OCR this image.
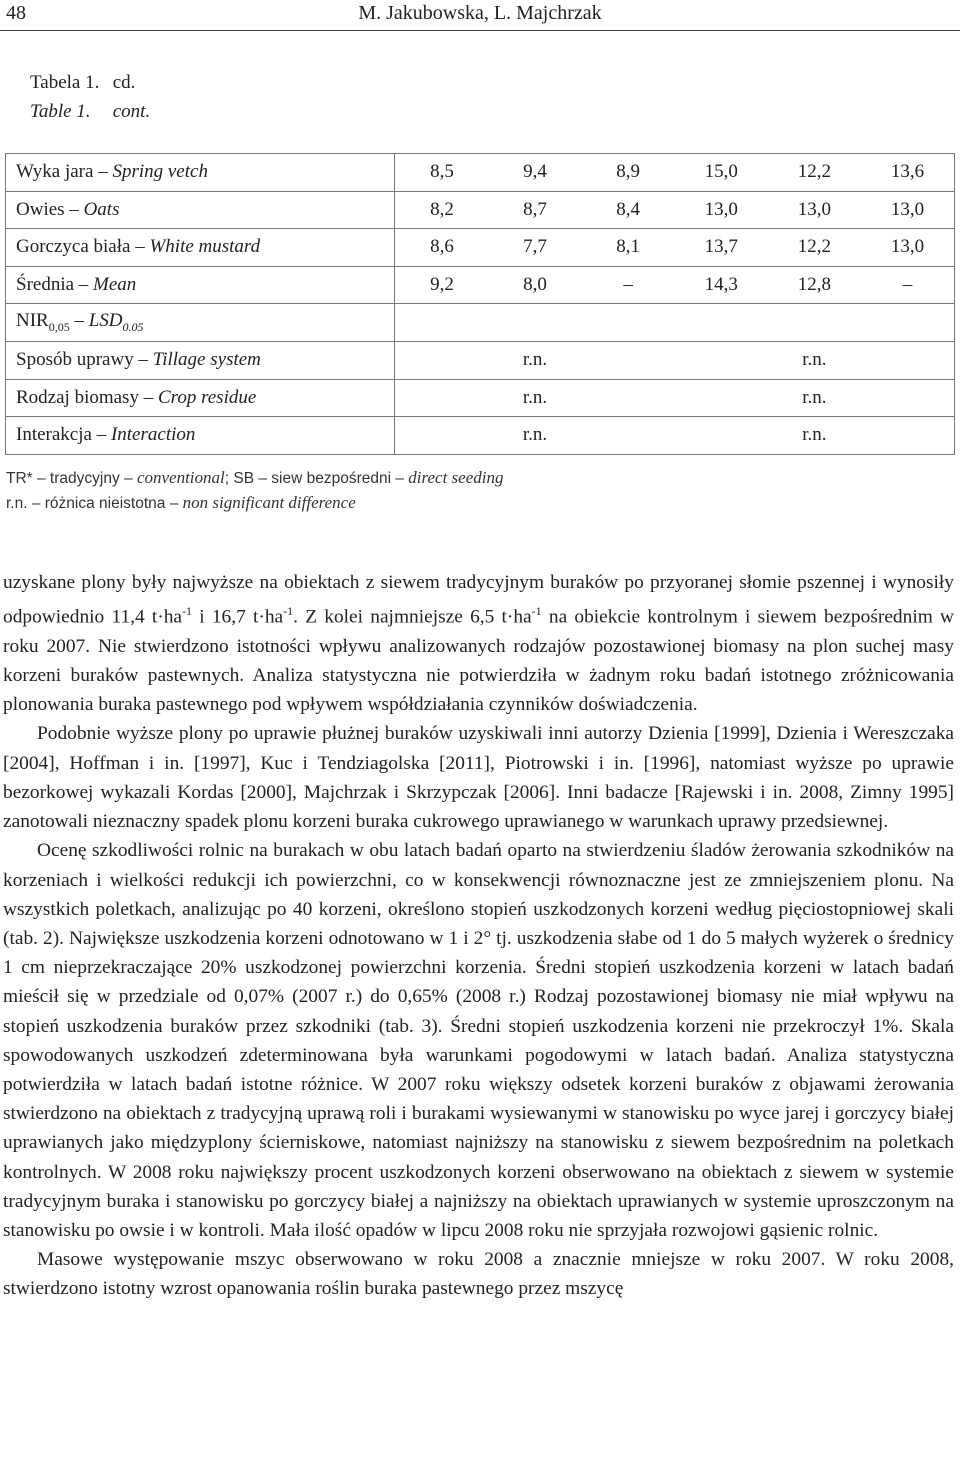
48	M. Jakubowska, L. Majchrzak
Tabela 1. cd.
Table 1. cont.
Wyka jara – Spring vetch	8,5	9,4	8,9	15,0	12,2	13,6
Owies – Oats	8,2	8,7	8,4	13,0	13,0	13,0
Gorczyca biała – White mustard	8,6	7,7	8,1	13,7	12,2	13,0
Średnia – Mean	9,2	8,0	–	14,3	12,8	–
$NIR_{0,05} - LSD_{0.05}$	
Sposób uprawy – Tillage system	r.n.			r.n.		
Rodzaj biomasy – Crop residue	r.n.			r.n.		
Interakcja – Interaction	r.n.			r.n.		
TR* – tradycyjny – conventional; SB – siew bezpośredni – direct seeding
r.n. – różnica nieistotna – non significant difference

uzyskane plony były najwyższe na obiektach z siewem tradycyjnym buraków po przyoranej słomie pszennej i wynosiły odpowiednio 11,4 $t\cdot ha^{-1}$ i 16,7 $t\cdot ha^{-1}$. Z kolei najmniejsze 6,5 $t\cdot ha^{-1}$ na obiekcie kontrolnym i siewem bezpośrednim w roku 2007. Nie stwierdzono istotności wpływu analizowanych rodzajów pozostawionej biomasy na plon suchej masy korzeni buraków pastewnych. Analiza statystyczna nie potwierdziła w żadnym roku badań istotnego zróżnicowania plonowania buraka pastewnego pod wpływem współdziałania czynników doświadczenia.

Podobnie wyższe plony po uprawie płużnej buraków uzyskiwali inni autorzy Dzienia [1999], Dzienia i Wereszczaka [2004], Hoffman i in. [1997], Kuc i Tendziagolska [2011], Piotrowski i in. [1996], natomiast wyższe po uprawie bezorkowej wykazali Kordas [2000], Majchrzak i Skrzypczak [2006]. Inni badacze [Rajewski i in. 2008, Zimny 1995] zanotowali nieznaczny spadek plonu korzeni buraka cukrowego uprawianego w warunkach uprawy przedsiewnej.

Ocenę szkodliwości rolnic na burakach w obu latach badań oparto na stwierdzeniu śladów żerowania szkodników na korzeniach i wielkości redukcji ich powierzchni, co w konsekwencji równoznaczne jest ze zmniejszeniem plonu. Na wszystkich poletkach, analizując po 40 korzeni, określono stopień uszkodzonych korzeni według pięciostopniowej skali (tab. 2). Największe uszkodzenia korzeni odnotowano w 1 i 2° tj. uszkodzenia słabe od 1 do 5 małych wyżerek o średnicy 1 cm nieprzekraczające 20% uszkodzonej powierzchni korzenia. Średni stopień uszkodzenia korzeni w latach badań mieścił się w przedziale od 0,07% (2007 r.) do 0,65% (2008 r.) Rodzaj pozostawionej biomasy nie miał wpływu na stopień uszkodzenia buraków przez szkodniki (tab. 3). Średni stopień uszkodzenia korzeni nie przekroczył 1%. Skala spowodowanych uszkodzeń zdeterminowana była warunkami pogodowymi w latach badań. Analiza statystyczna potwierdziła w latach badań istotne różnice. W 2007 roku większy odsetek korzeni buraków z objawami żerowania stwierdzono na obiektach z tradycyjną uprawą roli i burakami wysiewanymi w stanowisku po wyce jarej i gorczycy białej uprawianych jako międzyplony ścierniskowe, natomiast najniższy na stanowisku z siewem bezpośrednim na poletkach kontrolnych. W 2008 roku największy procent uszkodzonych korzeni obserwowano na obiektach z siewem w systemie tradycyjnym buraka i stanowisku po gorczycy białej a najniższy na obiektach uprawianych w systemie uproszczonym na stanowisku po owsie i w kontroli. Mała ilość opadów w lipcu 2008 roku nie sprzyjała rozwojowi gąsienic rolnic.

Masowe występowanie mszyc obserwowano w roku 2008 a znacznie mniejsze w roku 2007. W roku 2008, stwierdzono istotny wzrost opanowania roślin buraka pastewnego przez mszycę
